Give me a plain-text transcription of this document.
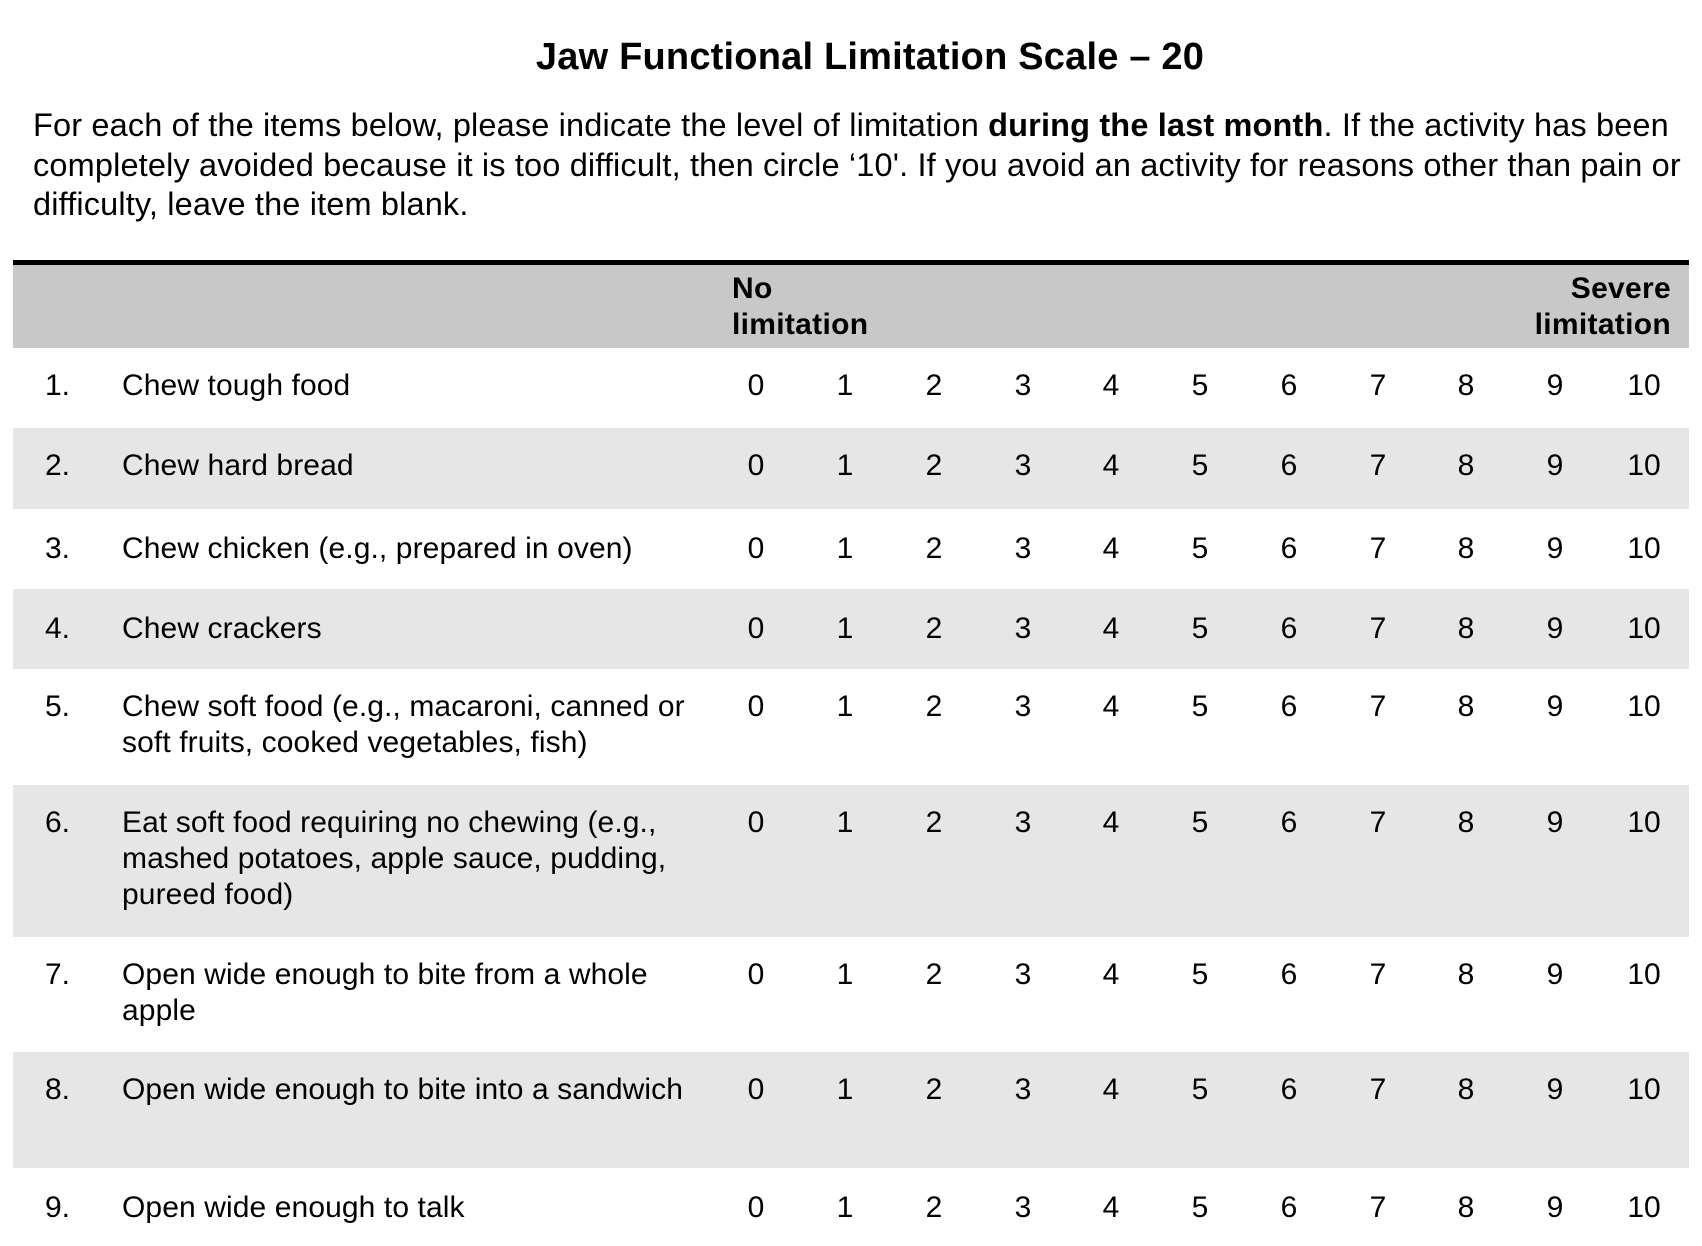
Jaw Functional Limitation Scale – 20
For each of the items below, please indicate the level of limitation during the last month. If the activity has been completely avoided because it is too difficult, then circle ‘10'. If you avoid an activity for reasons other than pain or difficulty, leave the item blank.
No
limitation
Severe
limitation
1. Chew tough food	0	1	2	3	4	5	6	7	8	9	10
2. Chew hard bread	0	1	2	3	4	5	6	7	8	9	10
3. Chew chicken (e.g., prepared in oven)	0	1	2	3	4	5	6	7	8	9	10
4. Chew crackers	0	1	2	3	4	5	6	7	8	9	10
5. Chew soft food (e.g., macaroni, canned or soft fruits, cooked vegetables, fish)
0	1	2	3	4	5	6	7	8	9	10
6. Eat soft food requiring no chewing (e.g., mashed potatoes, apple sauce, pudding, pureed food)
0	1	2	3	4	5	6	7	8	9	10
7. Open wide enough to bite from a whole apple
0	1	2	3	4	5	6	7	8	9	10
8. Open wide enough to bite into a sandwich	0	1	2	3	4	5	6	7	8	9	10
9. Open wide enough to talk	0	1	2	3	4	5	6	7	8	9	10
